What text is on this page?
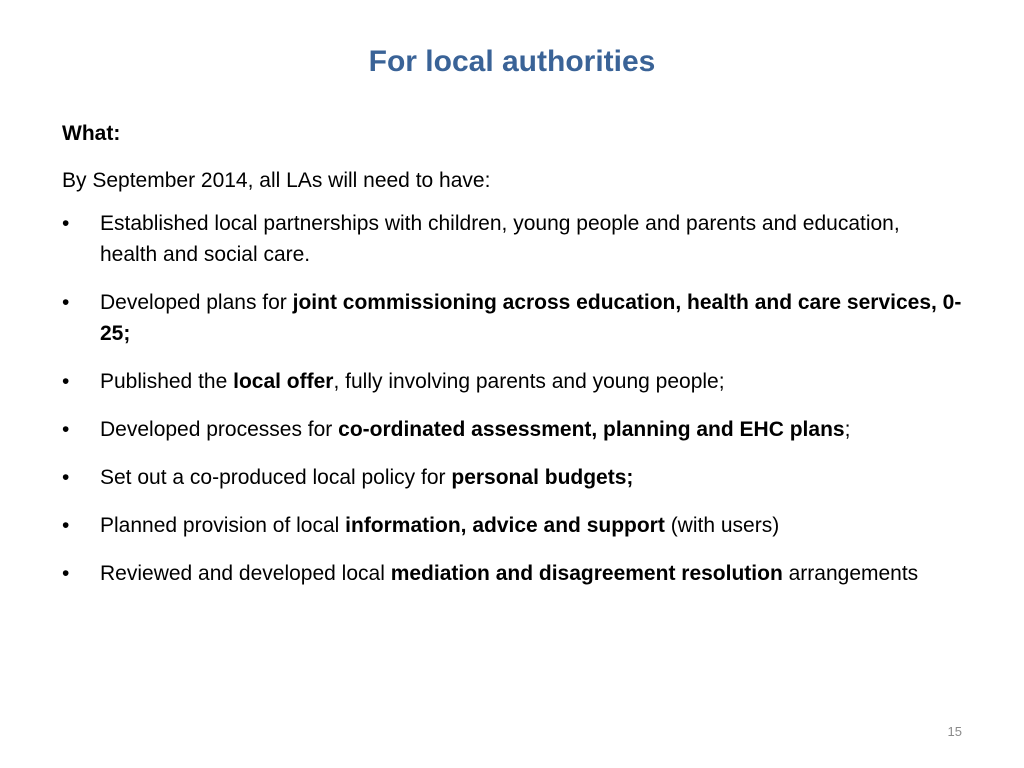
For local authorities
What:
By September 2014, all LAs will need to have:
• Established local partnerships with children, young people and parents and education, health and social care.
• Developed plans for joint commissioning across education, health and care services, 0-25;
• Published the local offer, fully involving parents and young people;
• Developed processes for co-ordinated assessment, planning and EHC plans;
• Set out a co-produced local policy for personal budgets;
• Planned provision of local information, advice and support (with users)
• Reviewed and developed local mediation and disagreement resolution arrangements
15
